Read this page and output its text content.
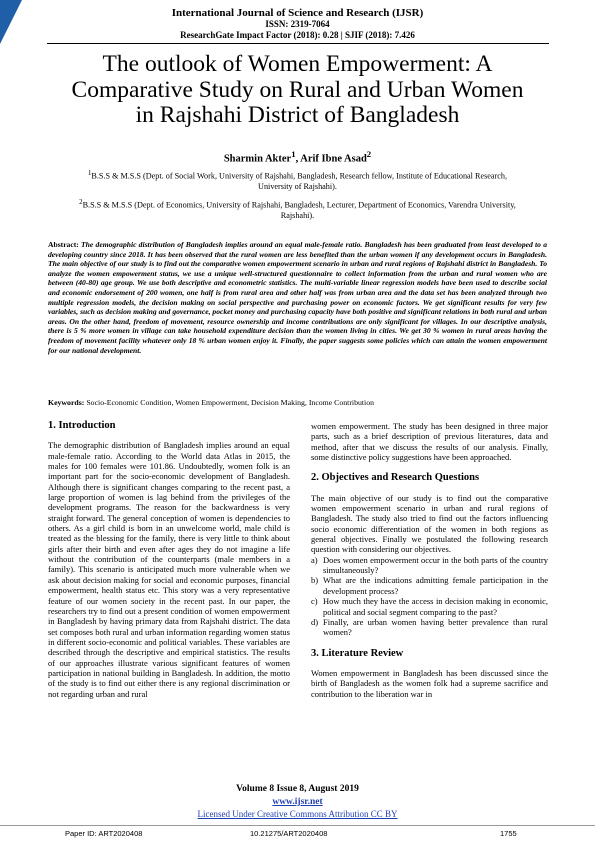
International Journal of Science and Research (IJSR)
ISSN: 2319-7064
ResearchGate Impact Factor (2018): 0.28 | SJIF (2018): 7.426
The outlook of Women Empowerment: A Comparative Study on Rural and Urban Women in Rajshahi District of Bangladesh
Sharmin Akter$^1$, Arif Ibne Asad$^2$
$^1$B.S.S & M.S.S (Dept. of Social Work, University of Rajshahi, Bangladesh, Research fellow, Institute of Educational Research, University of Rajshahi).
$^2$B.S.S & M.S.S (Dept. of Economics, University of Rajshahi, Bangladesh, Lecturer, Department of Economics, Varendra University, Rajshahi).
Abstract: The demographic distribution of Bangladesh implies around an equal male-female ratio. Bangladesh has been graduated from least developed to a developing country since 2018. It has been observed that the rural women are less benefited than the urban women if any development occurs in Bangladesh. The main objective of our study is to find out the comparative women empowerment scenario in urban and rural regions of Rajshahi district in Bangladesh. To analyze the women empowerment status, we use a unique well-structured questionnaire to collect information from the urban and rural women who are between (40-80) age group. We use both descriptive and econometric statistics. The multi-variable linear regression models have been used to describe social and economic endorsement of 200 women, one half is from rural area and other half was from urban area and the data set has been analyzed through two multiple regression models, the decision making on social perspective and purchasing power on economic factors. We get significant results for very few variables, such as decision making and governance, pocket money and purchasing capacity have both positive and significant relations in both rural and urban areas. On the other hand, freedom of movement, resource ownership and income contributions are only significant for villages. In our descriptive analysis, there is 5 % more women in village can take household expenditure decision than the women living in cities. We get 30 % women in rural areas having the freedom of movement facility whatever only 18 % urban women enjoy it. Finally, the paper suggests some policies which can attain the women empowerment for our national development.
Keywords: Socio-Economic Condition, Women Empowerment, Decision Making, Income Contribution
1. Introduction

The demographic distribution of Bangladesh implies around an equal male-female ratio. According to the World data Atlas in 2015, the males for 100 females were 101.86. Undoubtedly, women folk is an important part for the socio-economic development of Bangladesh. Although there is significant changes comparing to the recent past, a large proportion of women is lag behind from the privileges of the development programs. The reason for the backwardness is very straight forward. The general conception of women is dependencies to others. As a girl child is born in an unwelcome world, male child is treated as the blessing for the family, there is very little to think about girls after their birth and even after ages they do not imagine a life without the contribution of the counterparts (male members in a family). This scenario is anticipated much more vulnerable when we ask about decision making for social and economic purposes, financial empowerment, health status etc. This story was a very representative feature of our women society in the recent past. In our paper, the researchers try to find out a present condition of women empowerment in Bangladesh by having primary data from Rajshahi district. The data set composes both rural and urban information regarding women status in different socio-economic and political variables. These variables are described through the descriptive and empirical statistics. The results of our approaches illustrate various significant features of women participation in national building in Bangladesh. In addition, the motto of the study is to find out either there is any regional discrimination or not regarding urban and rural

women empowerment. The study has been designed in three major parts, such as a brief description of previous literatures, data and method, after that we discuss the results of our analysis. Finally, some distinctive policy suggestions have been approached.

2. Objectives and Research Questions

The main objective of our study is to find out the comparative women empowerment scenario in urban and rural regions of Bangladesh. The study also tried to find out the factors influencing socio economic differentiation of the women in both regions as general objectives. Finally we postulated the following research question with considering our objectives.

a) Does women empowerment occur in the both parts of the country simultaneously?
b) What are the indications admitting female participation in the development process?
c) How much they have the access in decision making in economic, political and social segment comparing to the past?
d) Finally, are urban women having better prevalence than rural women?
3. Literature Review

Women empowerment in Bangladesh has been discussed since the birth of Bangladesh as the women folk had a supreme sacrifice and contribution to the liberation war in

Volume 8 Issue 8, August 2019
www.ijsr.net
Licensed Under Creative Commons Attribution CC BY
Paper ID: ART2020408	10.21275/ART2020408	1755
